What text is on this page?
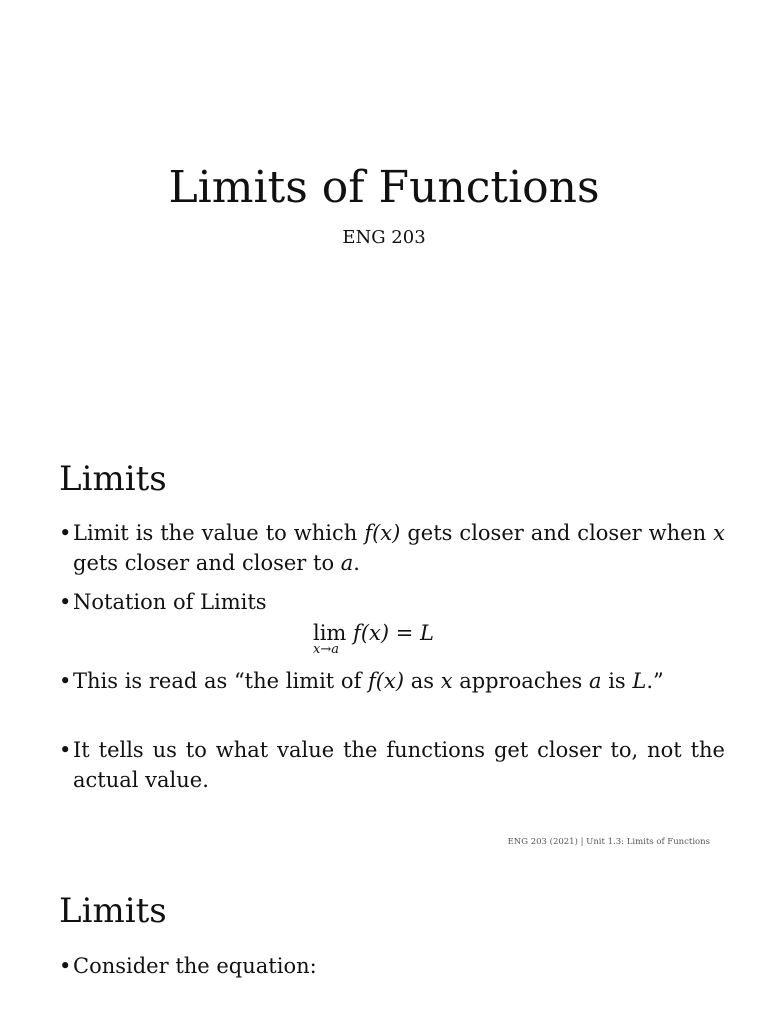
Limits of Functions
ENG 203
Limits
• Limit is the value to which f(x) gets closer and closer when x gets closer and closer to a.
• Notation of Limits
lim f(x) = L
x→a
• This is read as “the limit of f(x) as x approaches a is L.”
• It tells us to what value the functions get closer to, not the actual value.
ENG 203 (2021) | Unit 1.3: Limits of Functions
Limits
• Consider the equation:
